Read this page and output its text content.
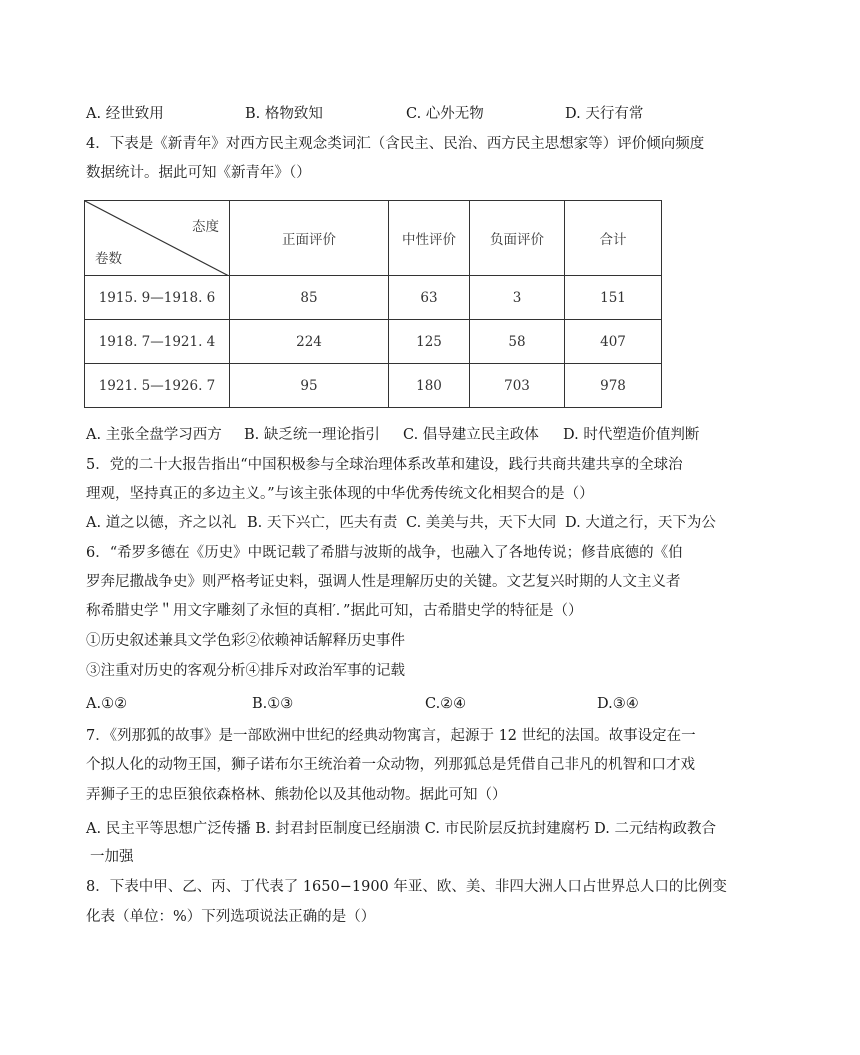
A. 经世致用	B. 格物致知	C. 心外无物	D. 天行有常
4．下表是《新青年》对西方民主观念类词汇（含民主、民治、西方民主思想家等）评价倾向频度
数据统计。据此可知《新青年》（）
态度
卷数	正面评价	中性评价	负面评价	合计
1915. 9—1918. 6	85	63	3	151
1918. 7—1921. 4	224	125	58	407
1921. 5—1926. 7	95	180	703	978
A. 主张全盘学习西方 B. 缺乏统一理论指引 C. 倡导建立民主政体 D. 时代塑造价值判断
5．党的二十大报告指出“中国积极参与全球治理体系改革和建设，践行共商共建共享的全球治
理观，坚持真正的多边主义。”与该主张体现的中华优秀传统文化相契合的是（）
A. 道之以德，齐之以礼 B. 天下兴亡，匹夫有责 C. 美美与共，天下大同 D. 大道之行，天下为公
6．“希罗多德在《历史》中既记载了希腊与波斯的战争，也融入了各地传说；修昔底德的《伯
罗奔尼撒战争史》则严格考证史料，强调人性是理解历史的关键。文艺复兴时期的人文主义者
称希腊史学＂用文字雕刻了永恒的真相′．”据此可知，古希腊史学的特征是（）
①历史叙述兼具文学色彩②依赖神话解释历史事件
③注重对历史的客观分析④排斥对政治军事的记载
A.①②	B.①③	C.②④	D.③④
7．《列那狐的故事》是一部欧洲中世纪的经典动物寓言，起源于 12 世纪的法国。故事设定在一
个拟人化的动物王国，狮子诺布尔王统治着一众动物，列那狐总是凭借自己非凡的机智和口才戏
弄狮子王的忠臣狼依森格林、熊勃伦以及其他动物。据此可知（）
A. 民主平等思想广泛传播 B. 封君封臣制度已经崩溃 C. 市民阶层反抗封建腐朽 D. 二元结构政教合
一加强
8．下表中甲、乙、丙、丁代表了 1650−1900 年亚、欧、美、非四大洲人口占世界总人口的比例变
化表（单位：%）下列选项说法正确的是（）
